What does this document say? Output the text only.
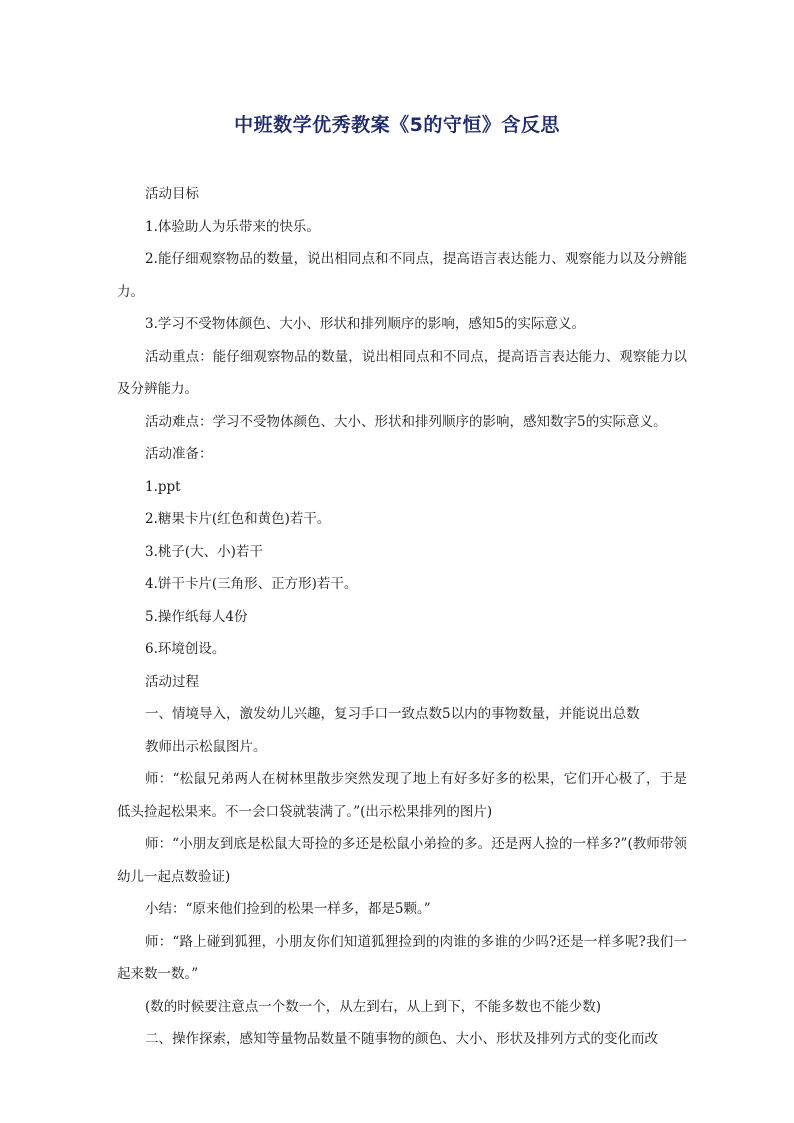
中班数学优秀教案《5的守恒》含反思

活动目标

1.体验助人为乐带来的快乐。

2.能仔细观察物品的数量，说出相同点和不同点，提高语言表达能力、观察能力以及分辨能力。

3.学习不受物体颜色、大小、形状和排列顺序的影响，感知5的实际意义。

活动重点：能仔细观察物品的数量，说出相同点和不同点，提高语言表达能力、观察能力以及分辨能力。

活动难点：学习不受物体颜色、大小、形状和排列顺序的影响，感知数字5的实际意义。

活动准备：

1.ppt

2.糖果卡片(红色和黄色)若干。

3.桃子(大、小)若干

4.饼干卡片(三角形、正方形)若干。

5.操作纸每人4份

6.环境创设。

活动过程

一、情境导入，激发幼儿兴趣，复习手口一致点数5以内的事物数量，并能说出总数

教师出示松鼠图片。

师：“松鼠兄弟两人在树林里散步突然发现了地上有好多好多的松果，它们开心极了，于是低头捡起松果来。不一会口袋就装满了。”(出示松果排列的图片)

师：“小朋友到底是松鼠大哥捡的多还是松鼠小弟捡的多。还是两人捡的一样多?”(教师带领幼儿一起点数验证)

小结：“原来他们捡到的松果一样多，都是5颗。”

师：“路上碰到狐狸，小朋友你们知道狐狸捡到的肉谁的多谁的少吗?还是一样多呢?我们一起来数一数。”

(数的时候要注意点一个数一个，从左到右，从上到下，不能多数也不能少数)

二、操作探索，感知等量物品数量不随事物的颜色、大小、形状及排列方式的变化而改
